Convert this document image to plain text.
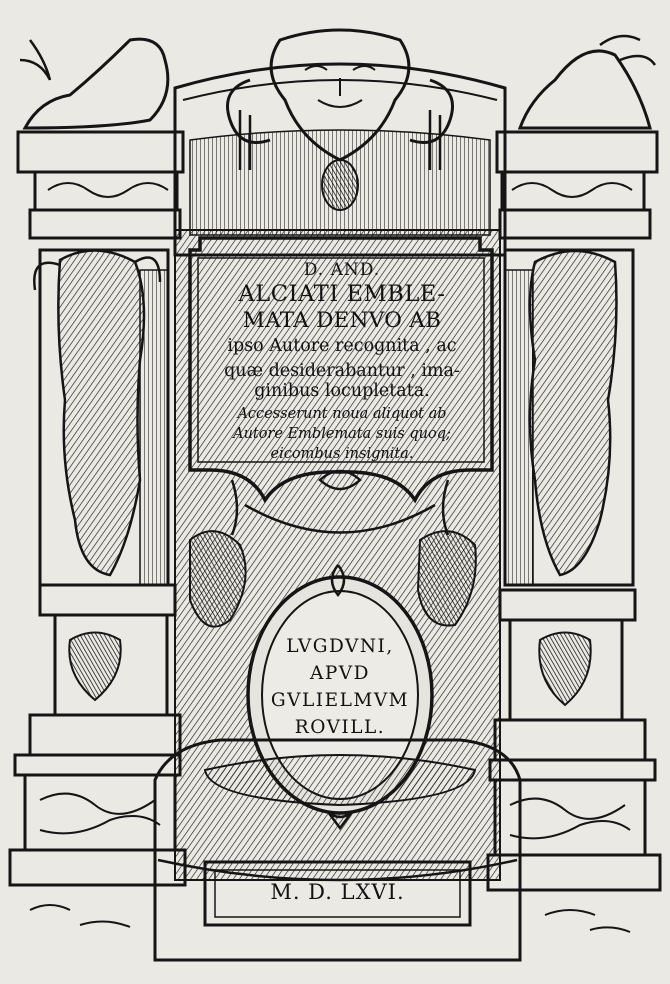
D. AND.
ALCIATI EMBLE-
MATA DENVO AB
ipso Autore recognita , ac
quæ desiderabantur , ima-
ginibus locupletata.
Accesserunt noua aliquot ab
Autore Emblemata suis quoq;
eicombus insignita.
LVGDVNI,
APVD
GVLIELMVM
ROVILL.
M. D. LXVI.
